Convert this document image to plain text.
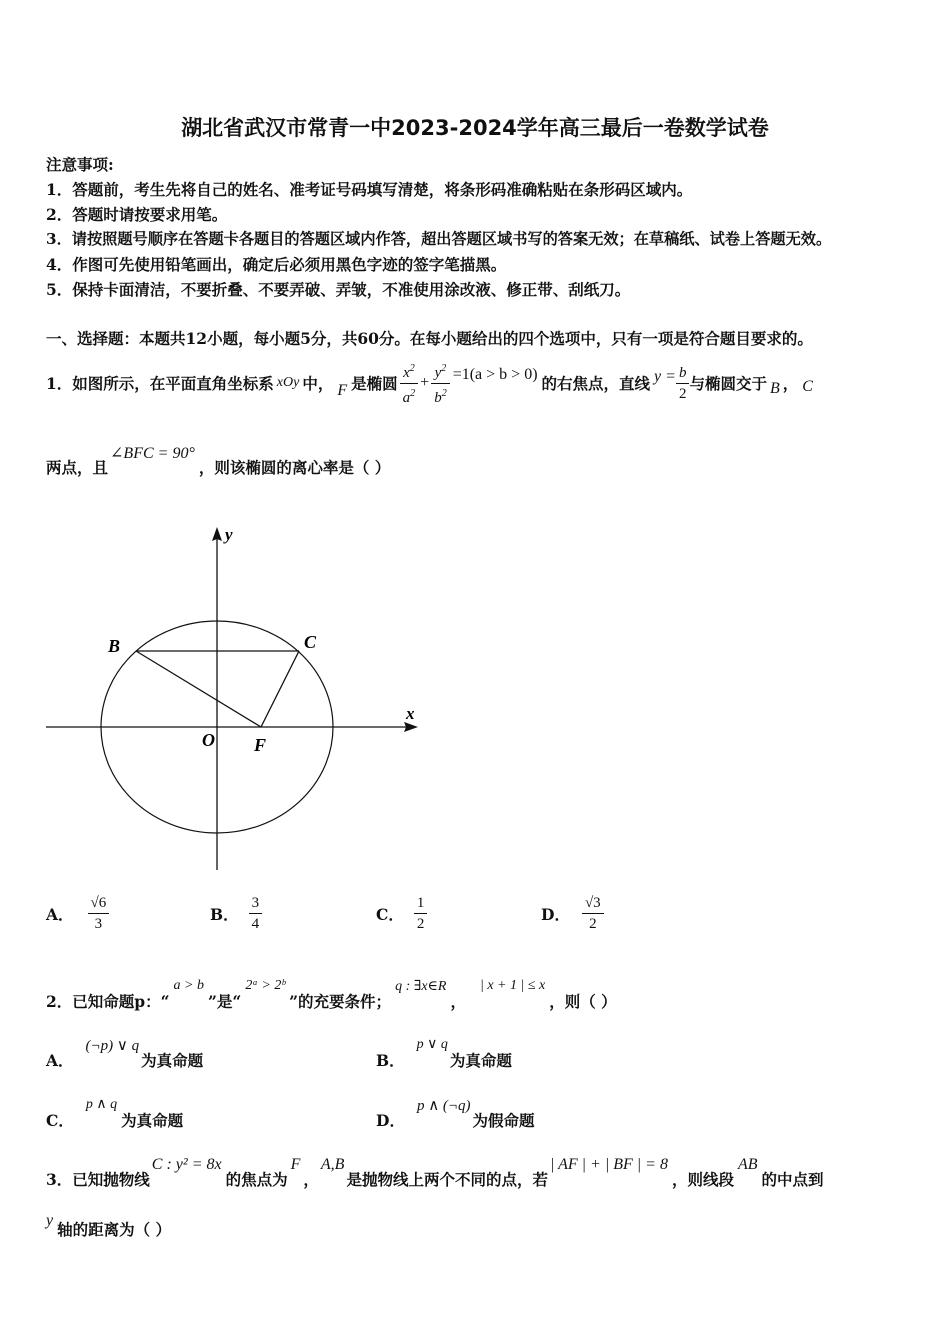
湖北省武汉市常青一中2023-2024学年高三最后一卷数学试卷
注意事项:
1．答题前，考生先将自己的姓名、准考证号码填写清楚，将条形码准确粘贴在条形码区域内。
2．答题时请按要求用笔。
3．请按照题号顺序在答题卡各题目的答题区域内作答，超出答题区域书写的答案无效；在草稿纸、试卷上答题无效。
4．作图可先使用铅笔画出，确定后必须用黑色字迹的签字笔描黑。
5．保持卡面清洁，不要折叠、不要弄破、弄皱，不准使用涂改液、修正带、刮纸刀。
一、选择题：本题共12小题，每小题5分，共60分。在每小题给出的四个选项中，只有一项是符合题目要求的。
1．如图所示，在平面直角坐标系 xOy 中， F 是椭圆 $\frac{x^2}{a^2} + \frac{y^2}{b^2} =1(a > b > 0)$ 的右焦点，直线 $y = \frac{b}{2}$ 与椭圆交于 B ， C
两点，且
∠BFC = 90°
，则该椭圆的离心率是（ ）
y
x
O F
B	C
A． $\frac{√6}{3}$	B． $\frac{3}{4}$	C． $\frac{1}{2}$	D． $\frac{√3}{2}$
2．已知命题p：“
a > b
”是“
2ᵃ > 2ᵇ
”的充要条件；
q : ∃x∈R
，
| x + 1 | ≤ x
，则（ ）
A．
(¬p) ∨ q
为真命题	B．
p ∨ q
为真命题
C．
p ∧ q
为真命题	D．
p ∧ (¬q)
为假命题
3．已知抛物线
C : y² = 8x
的焦点为
F
，
A,B
是抛物线上两个不同的点，若
| AF | + | BF | = 8
，则线段
AB
的中点到
y 轴的距离为（ ）
